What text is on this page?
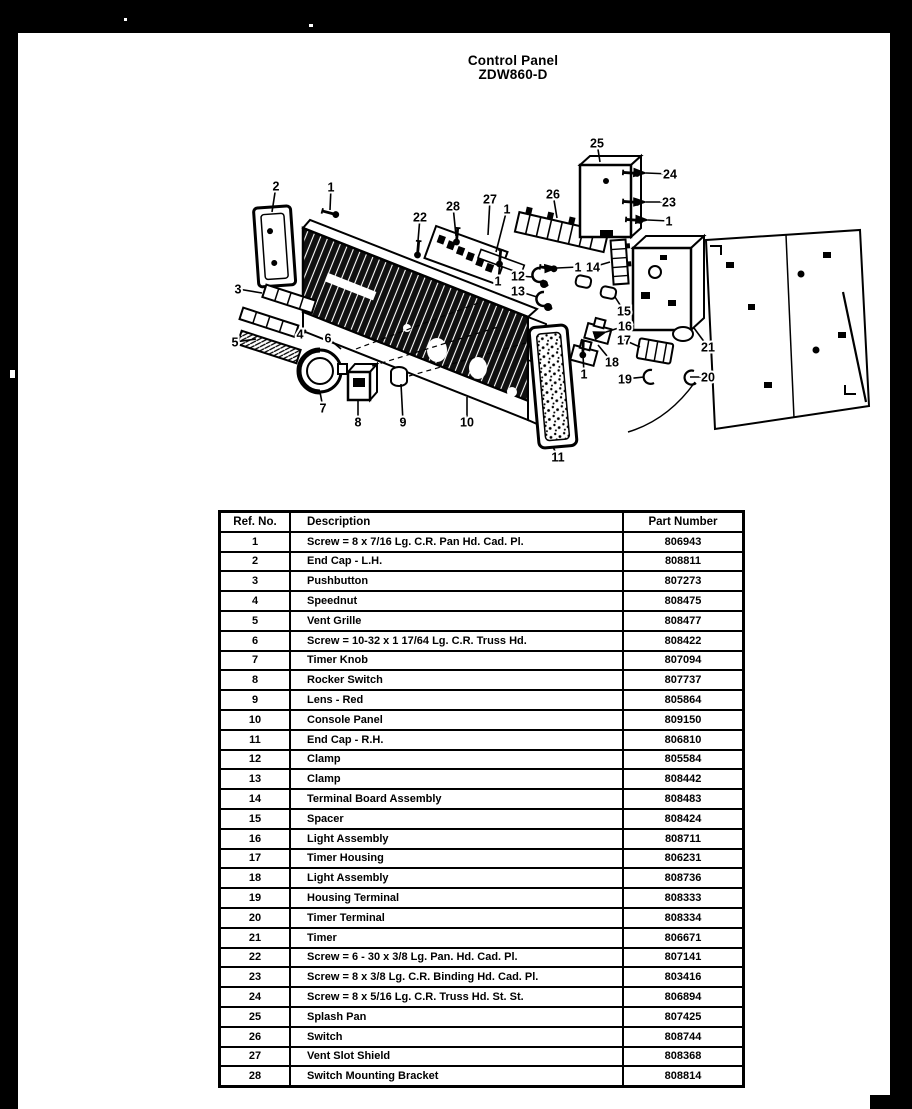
Control Panel
ZDW860-D
2	1
22
28 27
1
26
25
24
23
1
3
4
5	6
7
8	9	10
11
12
13
1
14
1
15
16
17
18
19
1	20
21
Ref. No.	Description	Part Number
1	Screw = 8 x 7/16 Lg. C.R. Pan Hd. Cad. Pl.	806943
2	End Cap - L.H.	808811
3	Pushbutton	807273
4	Speednut	808475
5	Vent Grille	808477
6	Screw = 10-32 x 1 17/64 Lg. C.R. Truss Hd.	808422
7	Timer Knob	807094
8	Rocker Switch	807737
9	Lens - Red	805864
10	Console Panel	809150
11	End Cap - R.H.	806810
12	Clamp	805584
13	Clamp	808442
14	Terminal Board Assembly	808483
15	Spacer	808424
16	Light Assembly	808711
17	Timer Housing	806231
18	Light Assembly	808736
19	Housing Terminal	808333
20	Timer Terminal	808334
21	Timer	806671
22	Screw = 6 - 30 x 3/8 Lg. Pan. Hd. Cad. Pl.	807141
23	Screw = 8 x 3/8 Lg. C.R. Binding Hd. Cad. Pl.	803416
24	Screw = 8 x 5/16 Lg. C.R. Truss Hd. St. St.	806894
25	Splash Pan	807425
26	Switch	808744
27	Vent Slot Shield	808368
28	Switch Mounting Bracket	808814
